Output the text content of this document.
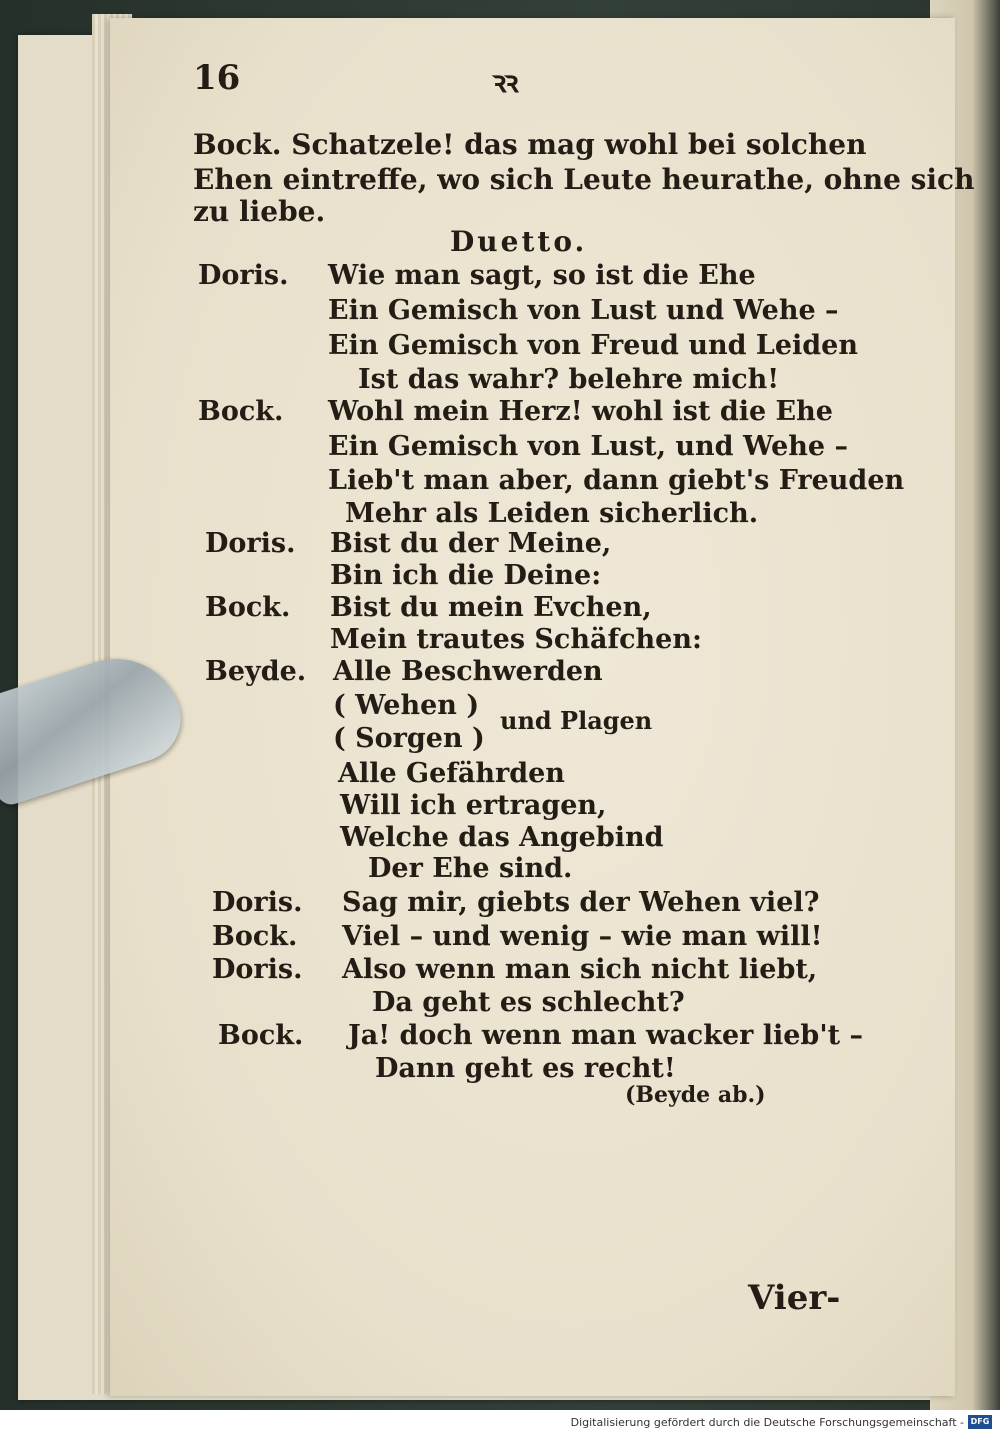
16	ꝛꝛ
Bock. Schatzele! das mag wohl bei solchen
Ehen eintreffe, wo sich Leute heurathe, ohne sich
zu liebe.
Duetto.
Doris. Wie man sagt, so ist die Ehe
Ein Gemisch von Lust und Wehe –
Ein Gemisch von Freud und Leiden
Ist das wahr? belehre mich!
Bock. Wohl mein Herz! wohl ist die Ehe
Ein Gemisch von Lust, und Wehe –
Lieb't man aber, dann giebt's Freuden
Mehr als Leiden sicherlich.
Doris. Bist du der Meine,
Bin ich die Deine:
Bock. Bist du mein Evchen,
Mein trautes Schäfchen:
Beyde. Alle Beschwerden
( Wehen )
( Sorgen )
und Plagen
Alle Gefährden
Will ich ertragen,
Welche das Angebind
Der Ehe sind.
Doris. Sag mir, giebts der Wehen viel?
Bock. Viel – und wenig – wie man will!
Doris. Also wenn man sich nicht liebt,
Da geht es schlecht?
Bock. Ja! doch wenn man wacker lieb't –
Dann geht es recht!
(Beyde ab.)
Vier-
Digitalisierung gefördert durch die Deutsche Forschungsgemeinschaft - DFG
